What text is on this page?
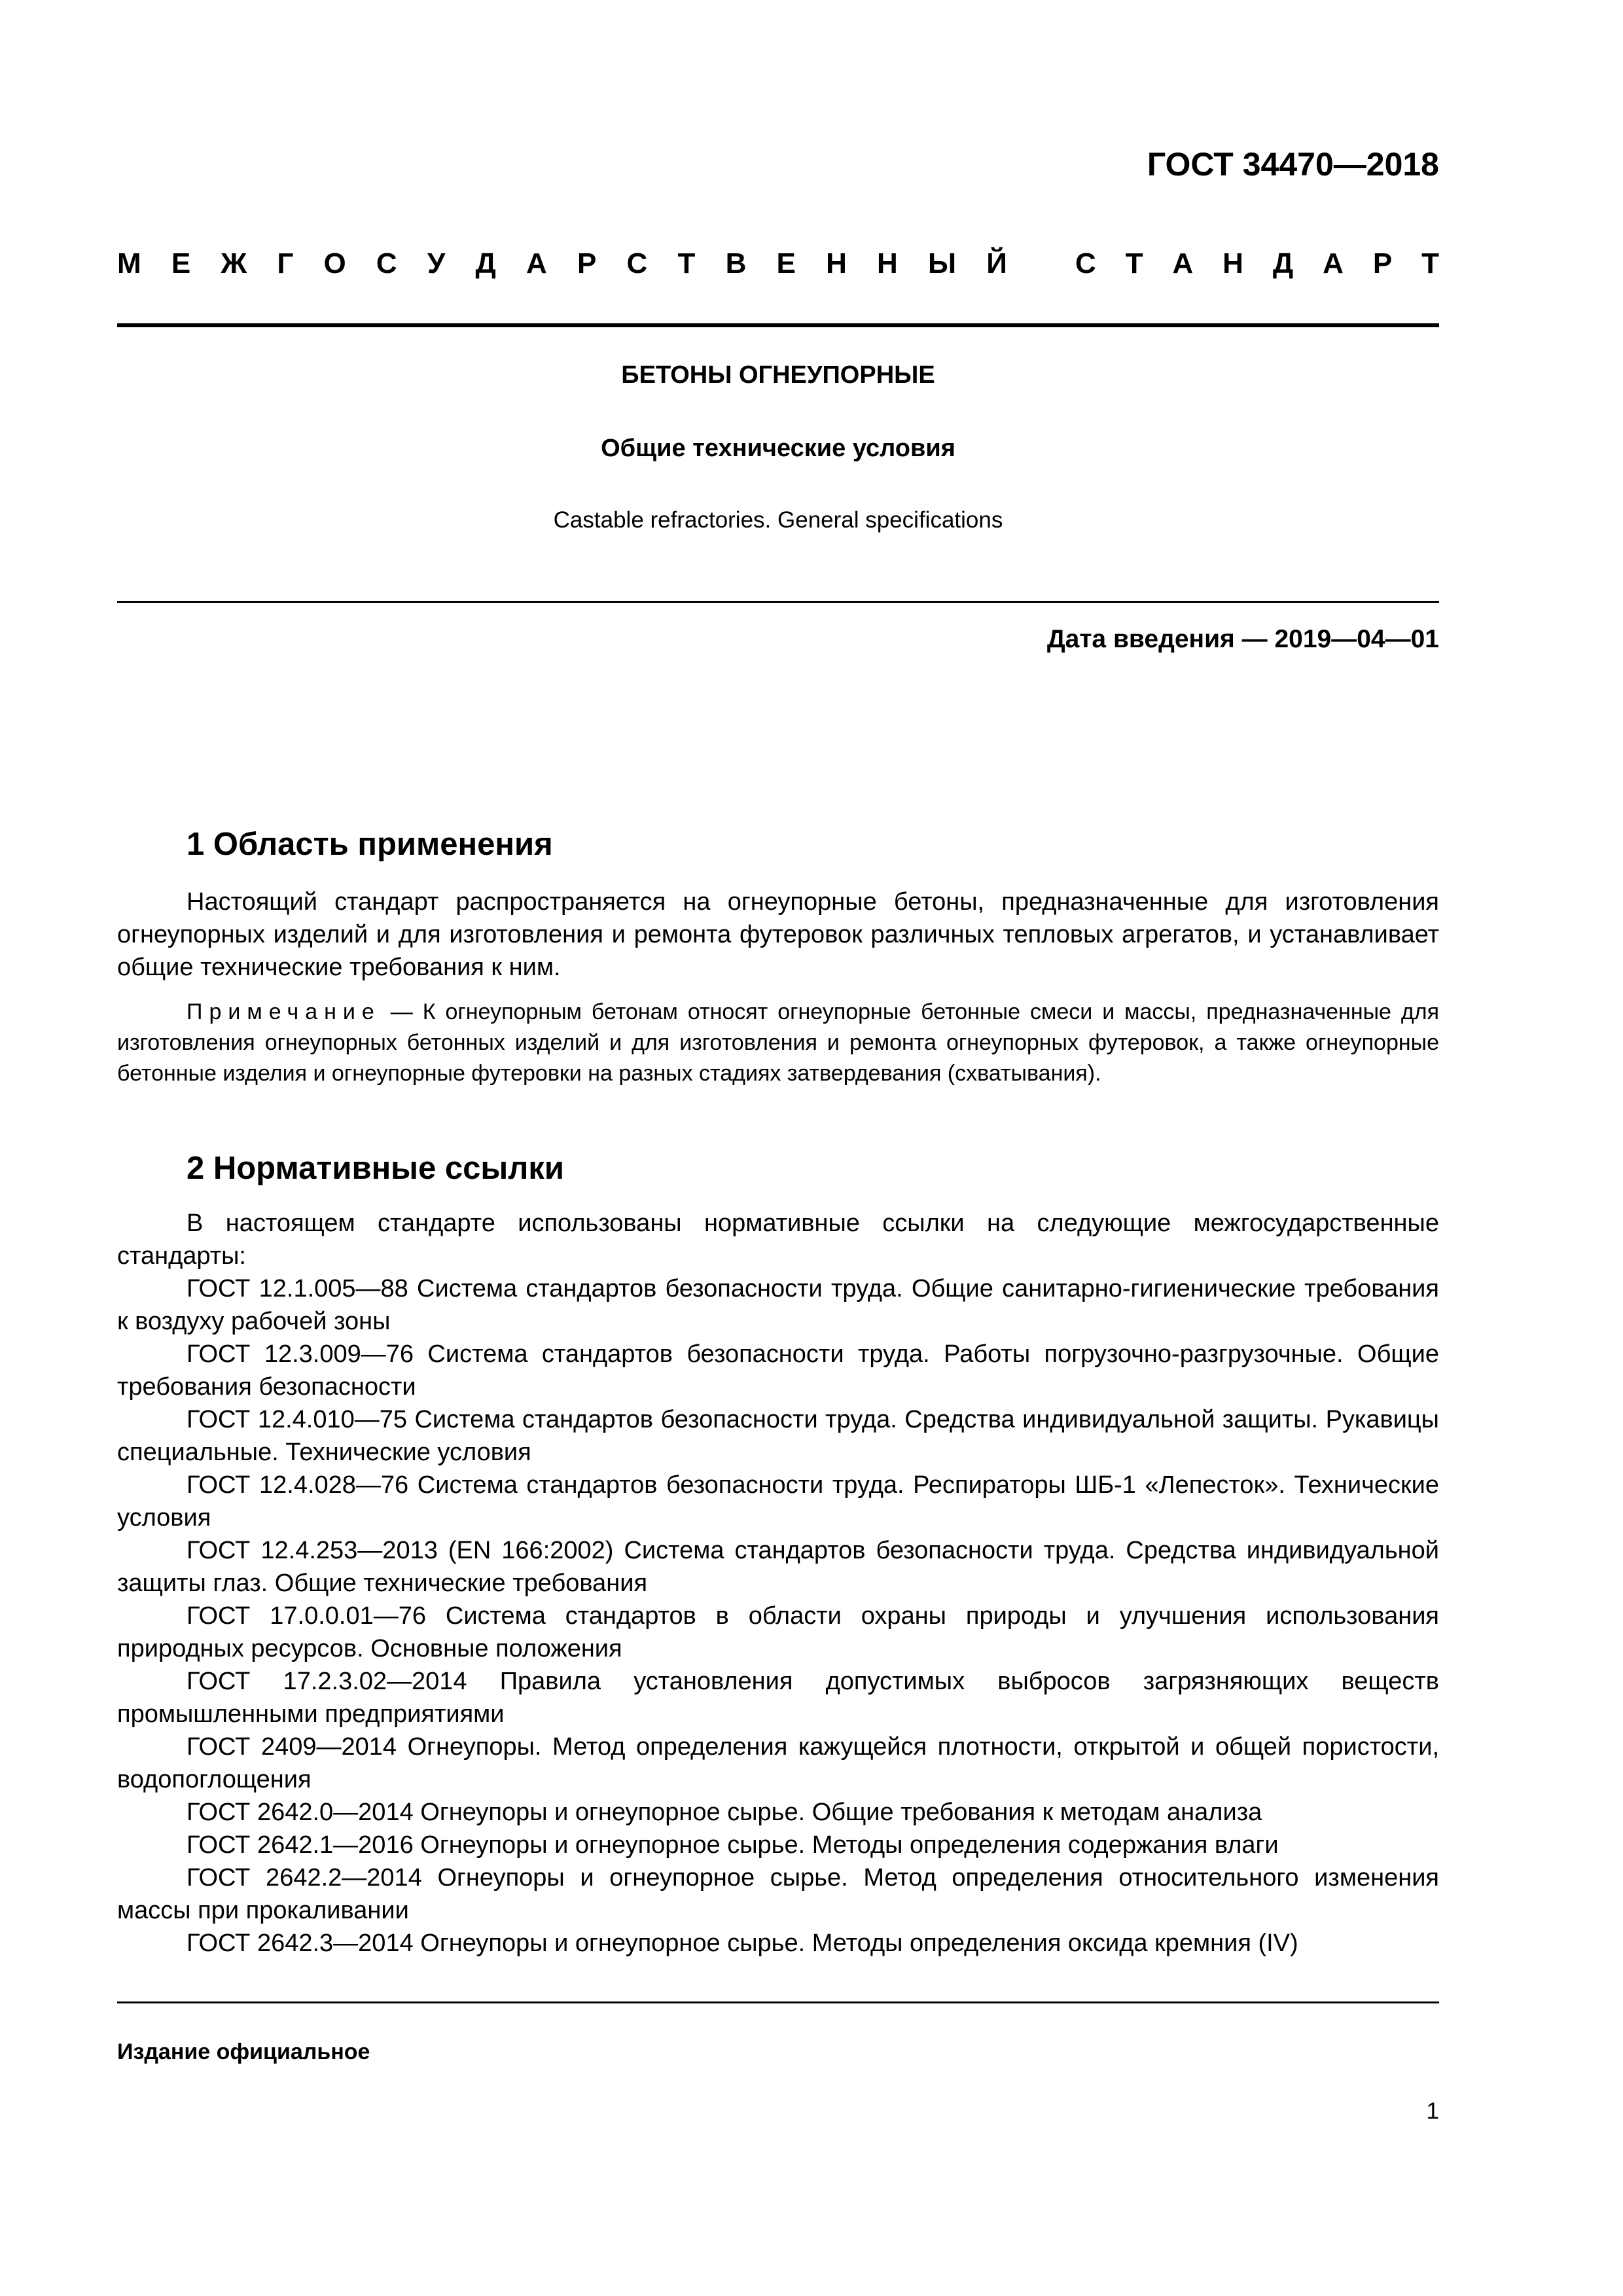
ГОСТ 34470—2018
М Е Ж Г О С У Д А Р С Т В Е Н Н Ы Й С Т А Н Д А Р Т
БЕТОНЫ ОГНЕУПОРНЫЕ
Общие технические условия
Castable refractories. General specifications
Дата введения — 2019—04—01
1 Область применения

Настоящий стандарт распространяется на огнеупорные бетоны, предназначенные для изготовления огнеупорных изделий и для изготовления и ремонта футеровок различных тепловых агрегатов, и устанавливает общие технические требования к ним.

Примечание — К огнеупорным бетонам относят огнеупорные бетонные смеси и массы, предназначенные для изготовления огнеупорных бетонных изделий и для изготовления и ремонта огнеупорных футеровок, а также огнеупорные бетонные изделия и огнеупорные футеровки на разных стадиях затвердевания (схватывания).

2 Нормативные ссылки

В настоящем стандарте использованы нормативные ссылки на следующие межгосударственные стандарты:

ГОСТ 12.1.005—88 Система стандартов безопасности труда. Общие санитарно-гигиенические требования к воздуху рабочей зоны

ГОСТ 12.3.009—76 Система стандартов безопасности труда. Работы погрузочно-разгрузочные. Общие требования безопасности

ГОСТ 12.4.010—75 Система стандартов безопасности труда. Средства индивидуальной защиты. Рукавицы специальные. Технические условия

ГОСТ 12.4.028—76 Система стандартов безопасности труда. Респираторы ШБ-1 «Лепесток». Технические условия

ГОСТ 12.4.253—2013 (EN 166:2002) Система стандартов безопасности труда. Средства индивидуальной защиты глаз. Общие технические требования

ГОСТ 17.0.0.01—76 Система стандартов в области охраны природы и улучшения использования природных ресурсов. Основные положения

ГОСТ 17.2.3.02—2014 Правила установления допустимых выбросов загрязняющих веществ промышленными предприятиями

ГОСТ 2409—2014 Огнеупоры. Метод определения кажущейся плотности, открытой и общей пористости, водопоглощения

ГОСТ 2642.0—2014 Огнеупоры и огнеупорное сырье. Общие требования к методам анализа

ГОСТ 2642.1—2016 Огнеупоры и огнеупорное сырье. Методы определения содержания влаги

ГОСТ 2642.2—2014 Огнеупоры и огнеупорное сырье. Метод определения относительного изменения массы при прокаливании

ГОСТ 2642.3—2014 Огнеупоры и огнеупорное сырье. Методы определения оксида кремния (IV)

Издание официальное
1
